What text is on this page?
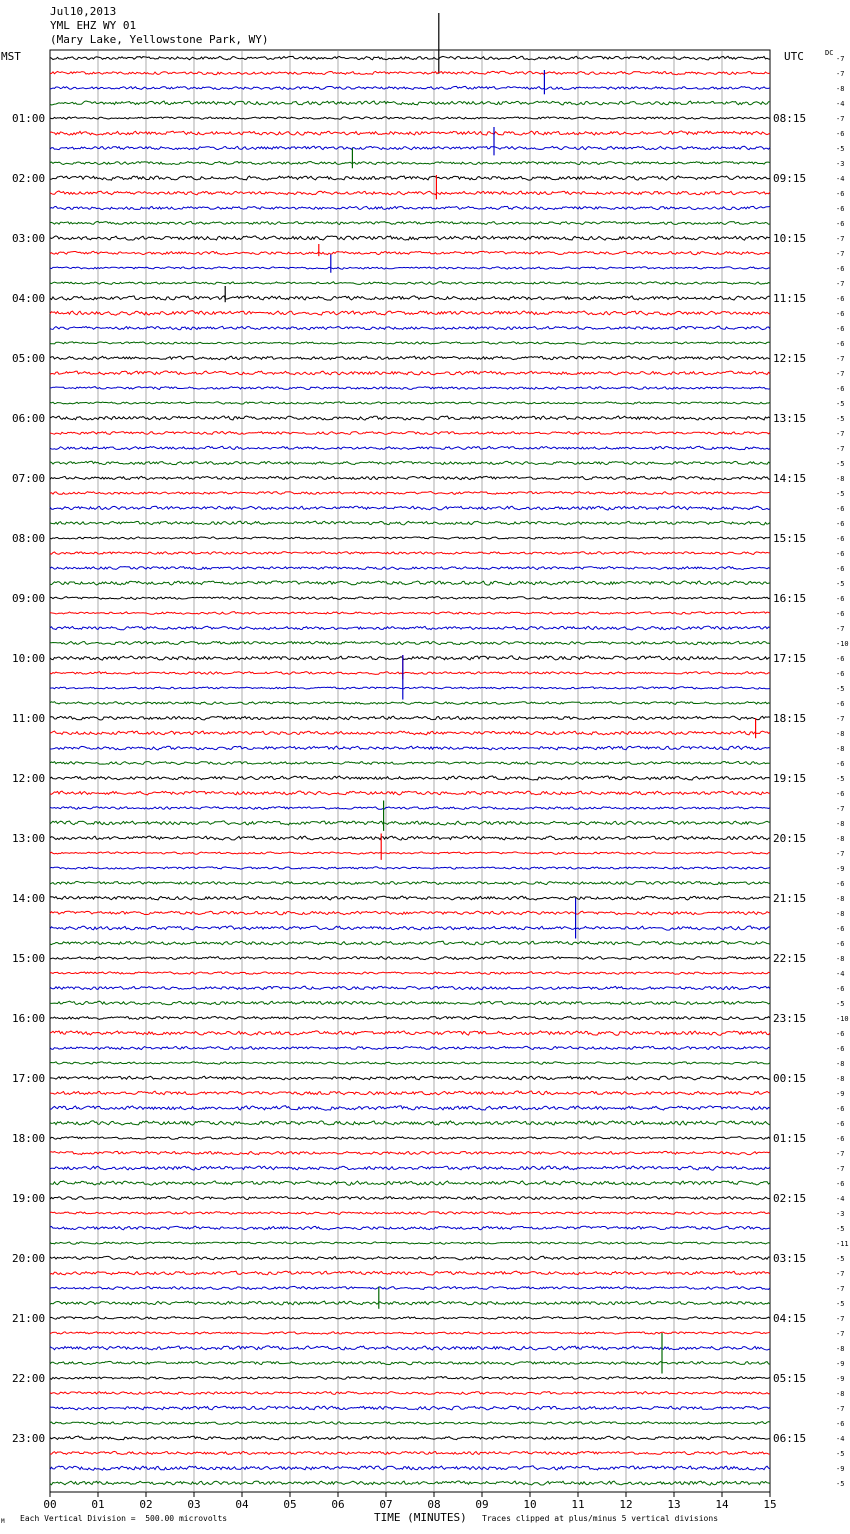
Jul10,2013
YML EHZ WY 01
(Mary Lake, Yellowstone Park, WY)
MST	UTC	DC
-7
-7
-8
-4
-7
-6
-5
-3
-4
-6
-6
-6
-7
-7
-6
-7
-6
-6
-6
-6
-7
-7
-6
-5
-5
-7
-7
-5
-8
-5
-6
-6
-6
-6
-6
-5
-6
-6
-7
-10
-6
-6
-5
-6
-7
-8
-8
-6
-5
-6
-7
-8
-8
-7
-9
-6
-8
-8
-6
-6
-8
-4
-6
-5
-10
-6
-6
-8
-8
-9
-6
-6
-6
-7
-7
-6
-4
-3
-5
-11
-5
-7
-7
-5
-7
-7
-8
-9
-9
-8
-7
-6
-4
-5
-9
-5
01:00
02:00
03:00
04:00
05:00
06:00
07:00
08:00
09:00
10:00
11:00
12:00
13:00
14:00
15:00
16:00
17:00
18:00
19:00
20:00
21:00
22:00
23:00
08:15
09:15
10:15
11:15
12:15
13:15
14:15
15:15
16:15
17:15
18:15
19:15
20:15
21:15
22:15
23:15
00:15
01:15
02:15
03:15
04:15
05:15
06:15
00	01	02	03	04	05	06	07	08	09	10	11	12	13	14	15
M Each Vertical Division =  500.00 microvolts	TIME (MINUTES) Traces clipped at plus/minus 5 vertical divisions
